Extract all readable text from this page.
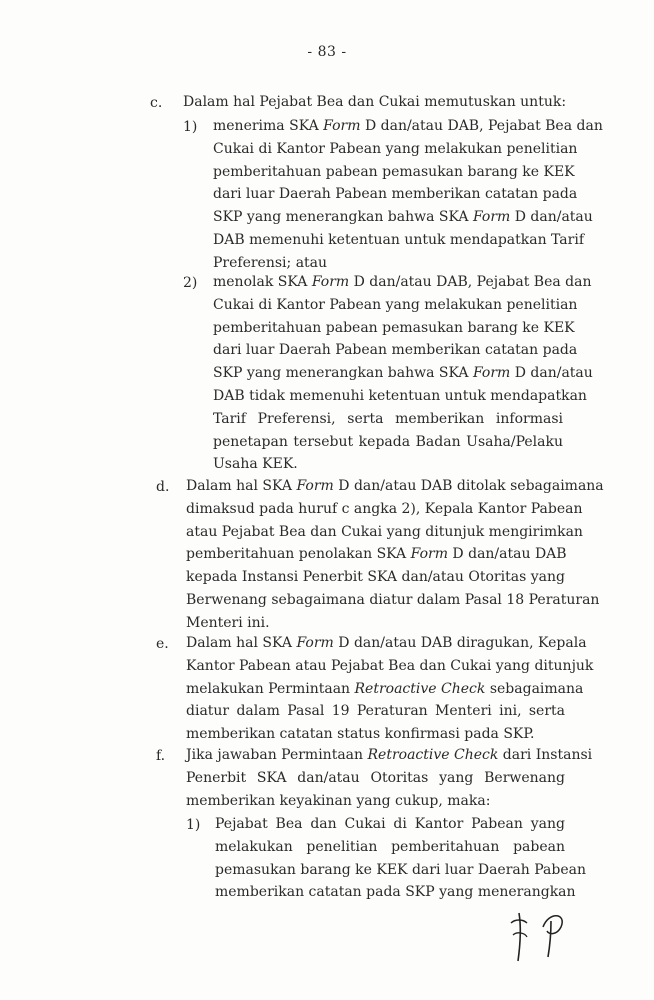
- 83 -
c. Dalam hal Pejabat Bea dan Cukai memutuskan untuk:
1) menerima SKA Form D dan/atau DAB, Pejabat Bea dan
Cukai di Kantor Pabean yang melakukan penelitian
pemberitahuan pabean pemasukan barang ke KEK
dari luar Daerah Pabean memberikan catatan pada
SKP yang menerangkan bahwa SKA Form D dan/atau
DAB memenuhi ketentuan untuk mendapatkan Tarif
Preferensi; atau
2) menolak SKA Form D dan/atau DAB, Pejabat Bea dan
Cukai di Kantor Pabean yang melakukan penelitian
pemberitahuan pabean pemasukan barang ke KEK
dari luar Daerah Pabean memberikan catatan pada
SKP yang menerangkan bahwa SKA Form D dan/atau
DAB tidak memenuhi ketentuan untuk mendapatkan
Tarif Preferensi, serta memberikan informasi
penetapan tersebut kepada Badan Usaha/Pelaku
Usaha KEK.
d. Dalam hal SKA Form D dan/atau DAB ditolak sebagaimana
dimaksud pada huruf c angka 2), Kepala Kantor Pabean
atau Pejabat Bea dan Cukai yang ditunjuk mengirimkan
pemberitahuan penolakan SKA Form D dan/atau DAB
kepada Instansi Penerbit SKA dan/atau Otoritas yang
Berwenang sebagaimana diatur dalam Pasal 18 Peraturan
Menteri ini.
e. Dalam hal SKA Form D dan/atau DAB diragukan, Kepala
Kantor Pabean atau Pejabat Bea dan Cukai yang ditunjuk
melakukan Permintaan Retroactive Check sebagaimana
diatur dalam Pasal 19 Peraturan Menteri ini, serta
memberikan catatan status konfirmasi pada SKP.
f. Jika jawaban Permintaan Retroactive Check dari Instansi
Penerbit SKA dan/atau Otoritas yang Berwenang
memberikan keyakinan yang cukup, maka:
1) Pejabat Bea dan Cukai di Kantor Pabean yang
melakukan penelitian pemberitahuan pabean
pemasukan barang ke KEK dari luar Daerah Pabean
memberikan catatan pada SKP yang menerangkan
